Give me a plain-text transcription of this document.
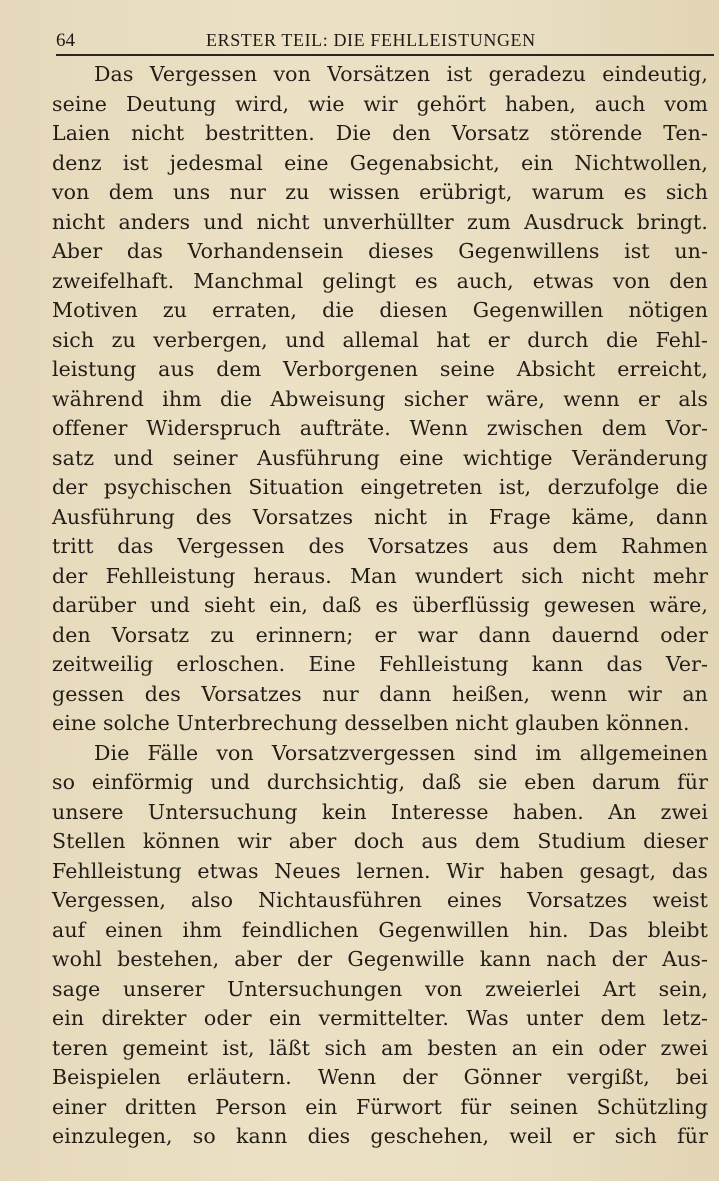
64	ERSTER TEIL: DIE FEHLLEISTUNGEN
Das Vergessen von Vorsätzen ist geradezu eindeutig,
seine Deutung wird, wie wir gehört haben, auch vom
Laien nicht bestritten. Die den Vorsatz störende Ten-
denz ist jedesmal eine Gegenabsicht, ein Nichtwollen,
von dem uns nur zu wissen erübrigt, warum es sich
nicht anders und nicht unverhüllter zum Ausdruck bringt.
Aber das Vorhandensein dieses Gegenwillens ist un-
zweifelhaft. Manchmal gelingt es auch, etwas von den
Motiven zu erraten, die diesen Gegenwillen nötigen
sich zu verbergen, und allemal hat er durch die Fehl-
leistung aus dem Verborgenen seine Absicht erreicht,
während ihm die Abweisung sicher wäre, wenn er als
offener Widerspruch aufträte. Wenn zwischen dem Vor-
satz und seiner Ausführung eine wichtige Veränderung
der psychischen Situation eingetreten ist, derzufolge die
Ausführung des Vorsatzes nicht in Frage käme, dann
tritt das Vergessen des Vorsatzes aus dem Rahmen
der Fehlleistung heraus. Man wundert sich nicht mehr
darüber und sieht ein, daß es überflüssig gewesen wäre,
den Vorsatz zu erinnern; er war dann dauernd oder
zeitweilig erloschen. Eine Fehlleistung kann das Ver-
gessen des Vorsatzes nur dann heißen, wenn wir an
eine solche Unterbrechung desselben nicht glauben können.
Die Fälle von Vorsatzvergessen sind im allgemeinen
so einförmig und durchsichtig, daß sie eben darum für
unsere Untersuchung kein Interesse haben. An zwei
Stellen können wir aber doch aus dem Studium dieser
Fehlleistung etwas Neues lernen. Wir haben gesagt, das
Vergessen, also Nichtausführen eines Vorsatzes weist
auf einen ihm feindlichen Gegenwillen hin. Das bleibt
wohl bestehen, aber der Gegenwille kann nach der Aus-
sage unserer Untersuchungen von zweierlei Art sein,
ein direkter oder ein vermittelter. Was unter dem letz-
teren gemeint ist, läßt sich am besten an ein oder zwei
Beispielen erläutern. Wenn der Gönner vergißt, bei
einer dritten Person ein Fürwort für seinen Schützling
einzulegen, so kann dies geschehen, weil er sich für
